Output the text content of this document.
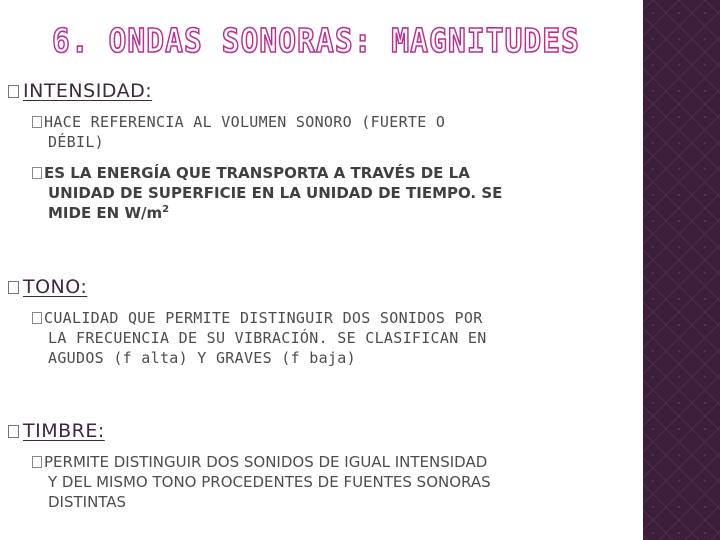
6. ONDAS SONORAS: MAGNITUDES
INTENSIDAD:
HACE REFERENCIA AL VOLUMEN SONORO (FUERTE O
DÉBIL)
ES LA ENERGÍA QUE TRANSPORTA A TRAVÉS DE LA
UNIDAD DE SUPERFICIE EN LA UNIDAD DE TIEMPO. SE
MIDE EN $W/m^2$
TONO:
CUALIDAD QUE PERMITE DISTINGUIR DOS SONIDOS POR
LA FRECUENCIA DE SU VIBRACIÓN. SE CLASIFICAN EN
AGUDOS (f alta) Y GRAVES (f baja)
TIMBRE:
PERMITE DISTINGUIR DOS SONIDOS DE IGUAL INTENSIDAD
Y DEL MISMO TONO PROCEDENTES DE FUENTES SONORAS
DISTINTAS
